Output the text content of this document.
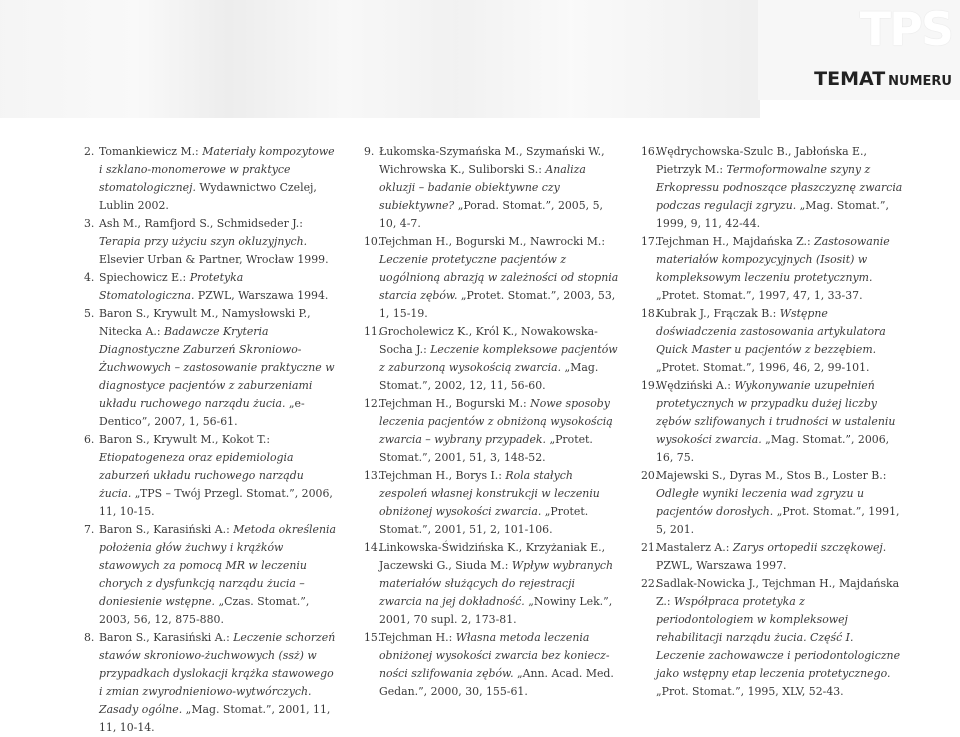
TPS
TEMAT NUMERU

2. Tomankiewicz M.: Materiały kompozytowe i szklano-monomerowe w praktyce stomatologicznej. Wydawnictwo Czelej, Lublin 2002.

3. Ash M., Ramfjord S., Schmidseder J.: Terapia przy użyciu szyn okluzyjnych. Elsevier Urban & Partner, Wrocław 1999.

4. Spiechowicz E.: Protetyka Stomatologiczna. PZWL, Warszawa 1994.

5. Baron S., Krywult M., Namysłowski P., Nitecka A.: Badawcze Kryteria Diagnostyczne Zaburzeń Skroniowo-Żuchwowych – zastosowanie praktyczne w diagnostyce pacjentów z zaburzeniami układu ruchowego narządu żucia. „e-Dentico”, 2007, 1, 56-61.

6. Baron S., Krywult M., Kokot T.: Etiopatogeneza oraz epidemiologia zaburzeń układu ruchowego narządu żucia. „TPS – Twój Przegl. Stomat.”, 2006, 11, 10-15.

7. Baron S., Karasiński A.: Metoda określenia położenia głów żuchwy i krążków stawowych za pomocą MR w leczeniu chorych z dysfunkcją narządu żucia – doniesienie wstępne. „Czas. Stomat.”, 2003, 56, 12, 875-880.

8. Baron S., Karasiński A.: Leczenie schorzeń stawów skroniowo-żuchwowych (ssż) w przypadkach dyslokacji krążka stawowego i zmian zwyrodnieniowo-wytwórczych. Zasady ogólne. „Mag. Stomat.”, 2001, 11, 11, 10-14.

9. Łukomska-Szymańska M., Szymański W., Wichrowska K., Suliborski S.: Analiza okluzji – badanie obiektywne czy subiektywne? „Porad. Stomat.”, 2005, 5, 10, 4-7.

10.
Tejchman H., Bogurski M., Nawrocki M.: Leczenie protetyczne pacjentów z uogólnioną abrazją w zależności od stopnia starcia zębów. „Protet. Stomat.”, 2003, 53, 1, 15-19.

11.
Grocholewicz K., Król K., Nowakowska-Socha J.: Leczenie kompleksowe pacjentów z zaburzoną wysokością zwarcia. „Mag. Stomat.”, 2002, 12, 11, 56-60.

12.
Tejchman H., Bogurski M.: Nowe sposoby leczenia pacjentów z obniżoną wysokością zwarcia – wybrany przypadek. „Protet. Stomat.”, 2001, 51, 3, 148-52.

13.
Tejchman H., Borys I.: Rola stałych zespoleń własnej konstrukcji w leczeniu obniżonej wysokości zwarcia. „Protet. Stomat.”, 2001, 51, 2, 101-106.

14.
Linkowska-Świdzińska K., Krzyżaniak E., Jaczewski G., Siuda M.: Wpływ wybranych materiałów służących do rejestracji zwarcia na jej dokładność. „Nowiny Lek.”, 2001, 70 supl. 2, 173-81.

15.
Tejchman H.: Własna metoda leczenia obniżonej wysokości zwarcia bez koniecz-ności szlifowania zębów. „Ann. Acad. Med. Gedan.”, 2000, 30, 155-61.

16.
Wędrychowska-Szulc B., Jabłońska E., Pietrzyk M.: Termoformowalne szyny z Erkopressu podnoszące płaszczyznę zwarcia podczas regulacji zgryzu. „Mag. Stomat.”, 1999, 9, 11, 42-44.

17.
Tejchman H., Majdańska Z.: Zastosowanie materiałów kompozycyjnych (Isosit) w kompleksowym leczeniu protetycznym. „Protet. Stomat.”, 1997, 47, 1, 33-37.

18.
Kubrak J., Frączak B.: Wstępne doświadczenia zastosowania artykulatora Quick Master u pacjentów z bezzębiem. „Protet. Stomat.”, 1996, 46, 2, 99-101.

19.
Wędziński A.: Wykonywanie uzupełnień protetycznych w przypadku dużej liczby zębów szlifowanych i trudności w ustaleniu wysokości zwarcia. „Mag. Stomat.”, 2006, 16, 75.

20.
Majewski S., Dyras M., Stos B., Loster B.: Odległe wyniki leczenia wad zgryzu u pacjentów dorosłych. „Prot. Stomat.”, 1991, 5, 201.

21.
Mastalerz A.: Zarys ortopedii szczękowej. PZWL, Warszawa 1997.

22.
Sadlak-Nowicka J., Tejchman H., Majdańska Z.: Współpraca protetyka z periodontologiem w kompleksowej rehabilitacji narządu żucia. Część I. Leczenie zachowawcze i periodontologiczne jako wstępny etap leczenia protetycznego. „Prot. Stomat.”, 1995, XLV, 52-43.
